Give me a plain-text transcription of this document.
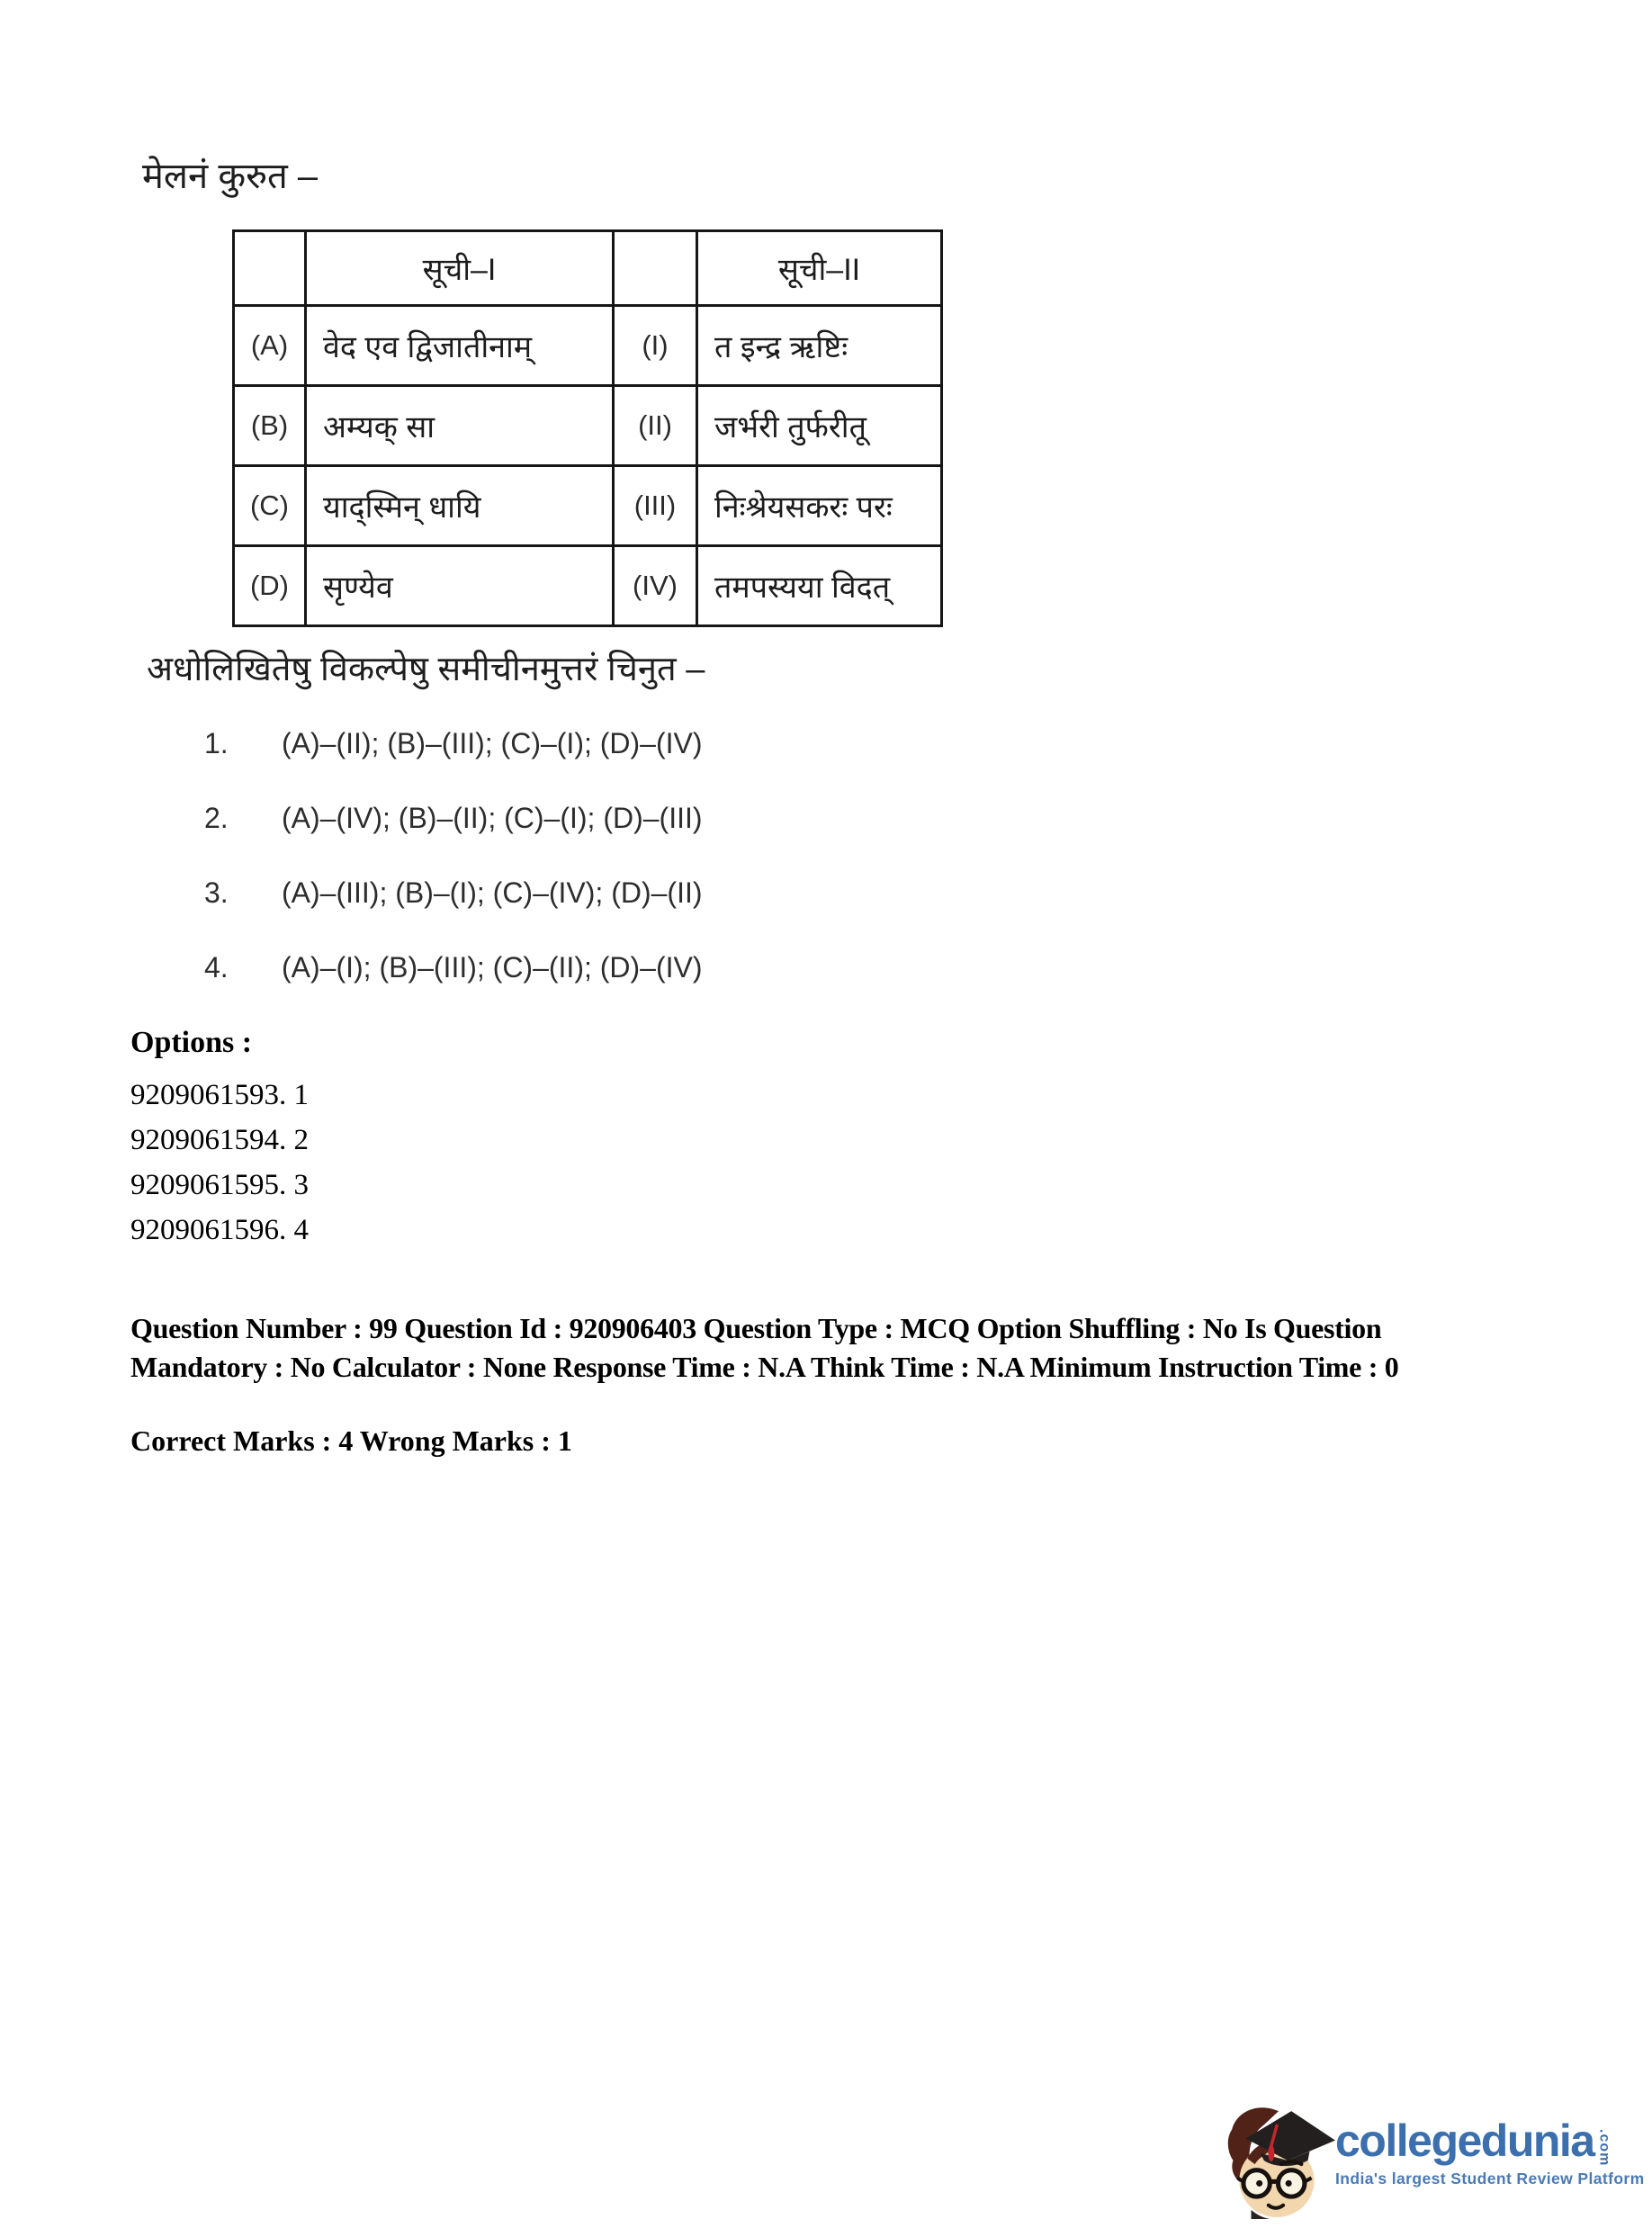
मेलनं कुरुत –
	सूची–I		सूची–II
(A)	वेद एव द्विजातीनाम्	(I)	त इन्द्र ऋष्टिः
(B)	अम्यक् सा	(II)	जर्भरी तुर्फरीतू
(C)	याद्स्मिन् धायि	(III)	निःश्रेयसकरः परः
(D)	सृण्येव	(IV)	तमपस्यया विदत्
अधोलिखितेषु विकल्पेषु समीचीनमुत्तरं चिनुत –
1.	(A)–(II); (B)–(III); (C)–(I); (D)–(IV)
2.	(A)–(IV); (B)–(II); (C)–(I); (D)–(III)
3.	(A)–(III); (B)–(I); (C)–(IV); (D)–(II)
4.	(A)–(I); (B)–(III); (C)–(II); (D)–(IV)
Options :
9209061593. 1
9209061594. 2
9209061595. 3
9209061596. 4
Question Number : 99 Question Id : 920906403 Question Type : MCQ Option Shuffling : No Is Question Mandatory : No Calculator : None Response Time : N.A Think Time : N.A Minimum Instruction Time : 0
Correct Marks : 4 Wrong Marks : 1
collegedunia .com
India's largest Student Review Platform
